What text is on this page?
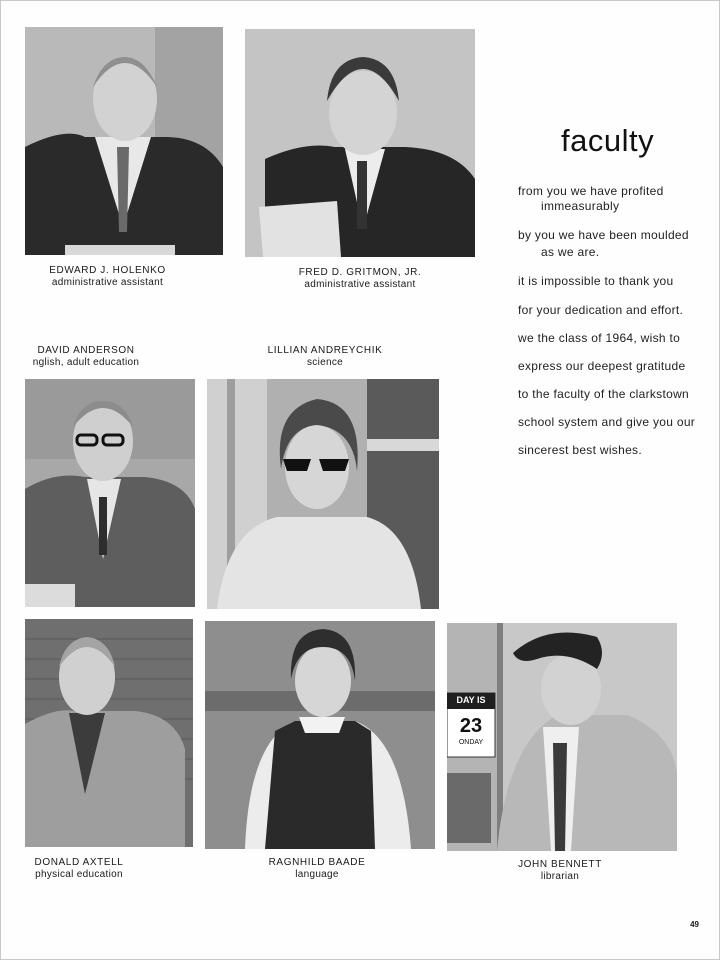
EDWARD J. HOLENKO
administrative assistant
FRED D. GRITMON, JR.
administrative assistant
faculty
from you we have profited
immeasurably
by you we have been moulded
as we are.
it is impossible to thank you
for your dedication and effort.
we the class of 1964, wish to
express our deepest gratitude
to the faculty of the clarkstown
school system and give you our
sincerest best wishes.
DAVID ANDERSON
nglish, adult education
LILLIAN ANDREYCHIK
science
DONALD AXTELL
physical education
RAGNHILD BAADE
language
DAY IS
23
ONDAY
JOHN BENNETT
librarian
49
